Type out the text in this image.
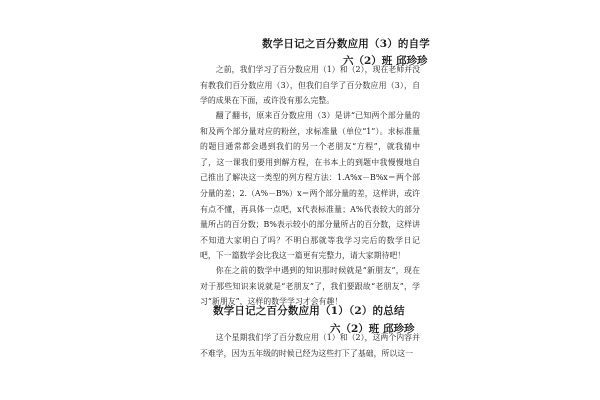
数学日记之百分数应用（3）的自学
六（2）班 邱珍珍

之前，我们学习了百分数应用（1）和（2），现在老师并没有教我们百分数应用（3），但我们自学了百分数应用（3），自学的成果在下面，或许没有那么完整。

翻了翻书，原来百分数应用（3）是讲“已知两个部分量的和及两个部分量对应的粉丝，求标准量（单位“1”）。求标准量的题目通常都会遇到我们的另一个老朋友“方程”，就我猜中了，这一课我们要用到解方程，在书本上的到题中我慢慢地自己推出了解决这一类型的列方程方法：1.A%x－B%x＝两个部分量的差；2.（A%－B%）x＝两个部分量的差，这样讲，或许有点不懂，再具体一点吧，x代表标准量；A%代表较大的部分量所占的百分数；B%表示较小的部分量所占的百分数，这样讲不知道大家明白了吗？不明白那就等我学习完后的数学日记吧，下一篇数学会比我这一篇更有完整力，请大家期待吧！

你在之前的数学中遇到的知识那时候就是“新朋友”，现在对于那些知识来说就是“老朋友”了，我们要跟故“老朋友”，学习“新朋友”，这样的数学学习才会有趣！

数学日记之百分数应用（1）（2）的总结
六（2）班 邱珍珍

这个星期我们学了百分数应用（1）和（2），这两个内容并不难学，因为五年级的时候已经为这些打下了基础，所以这一
